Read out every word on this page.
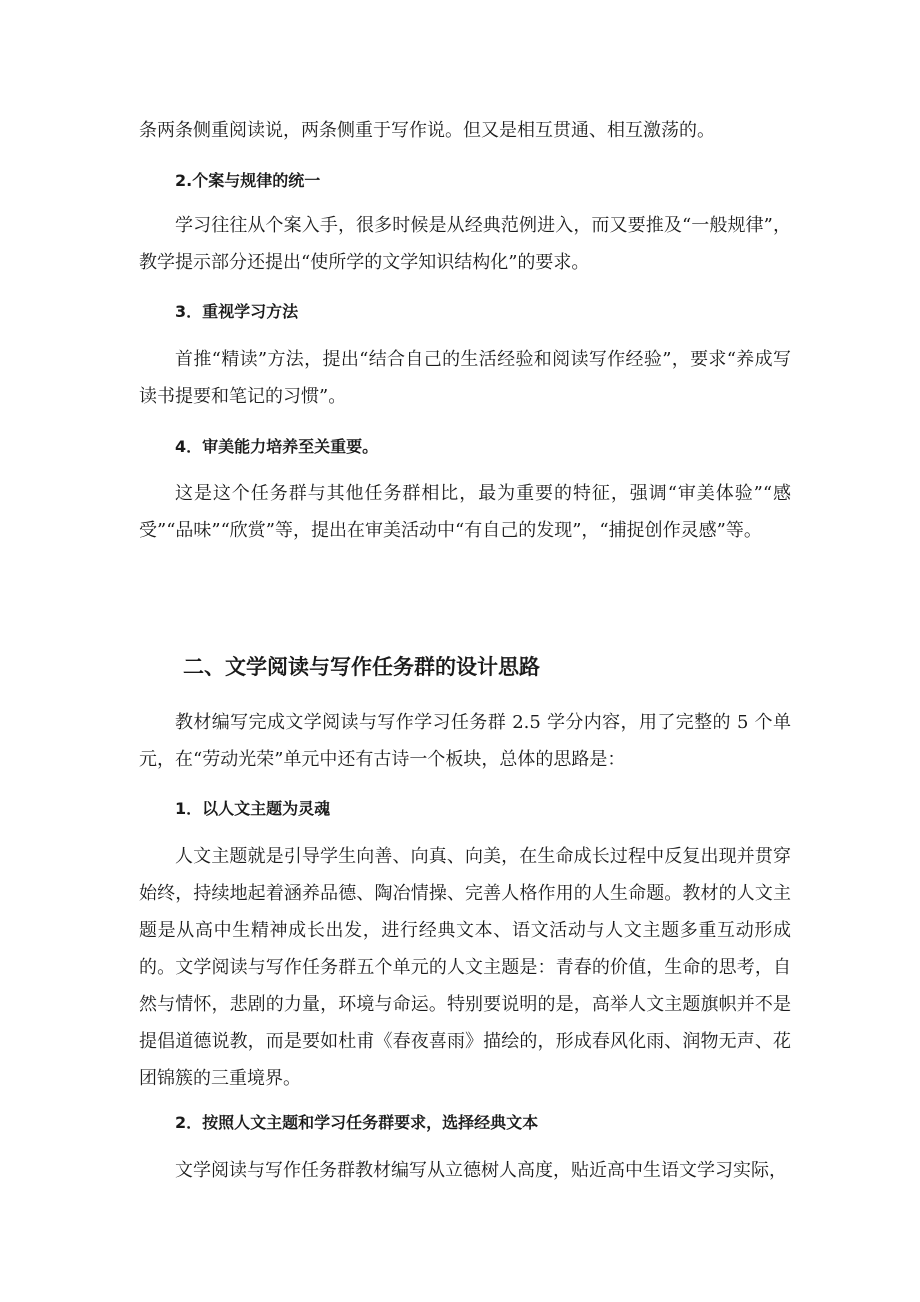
条两条侧重阅读说，两条侧重于写作说。但又是相互贯通、相互激荡的。

2.个案与规律的统一

学习往往从个案入手，很多时候是从经典范例进入，而又要推及“一般规律”，教学提示部分还提出“使所学的文学知识结构化”的要求。

3．重视学习方法

首推“精读”方法，提出“结合自己的生活经验和阅读写作经验”，要求“养成写读书提要和笔记的习惯”。

4．审美能力培养至关重要。

这是这个任务群与其他任务群相比，最为重要的特征，强调“审美体验”“感受”“品味”“欣赏”等，提出在审美活动中“有自己的发现”，“捕捉创作灵感”等。

二、文学阅读与写作任务群的设计思路

教材编写完成文学阅读与写作学习任务群 2.5 学分内容，用了完整的 5 个单元，在“劳动光荣”单元中还有古诗一个板块，总体的思路是：

1．以人文主题为灵魂

人文主题就是引导学生向善、向真、向美，在生命成长过程中反复出现并贯穿始终，持续地起着涵养品德、陶冶情操、完善人格作用的人生命题。教材的人文主题是从高中生精神成长出发，进行经典文本、语文活动与人文主题多重互动形成的。文学阅读与写作任务群五个单元的人文主题是：青春的价值，生命的思考，自然与情怀，悲剧的力量，环境与命运。特别要说明的是，高举人文主题旗帜并不是提倡道德说教，而是要如杜甫《春夜喜雨》描绘的，形成春风化雨、润物无声、花团锦簇的三重境界。

2．按照人文主题和学习任务群要求，选择经典文本

文学阅读与写作任务群教材编写从立德树人高度，贴近高中生语文学习实际，
